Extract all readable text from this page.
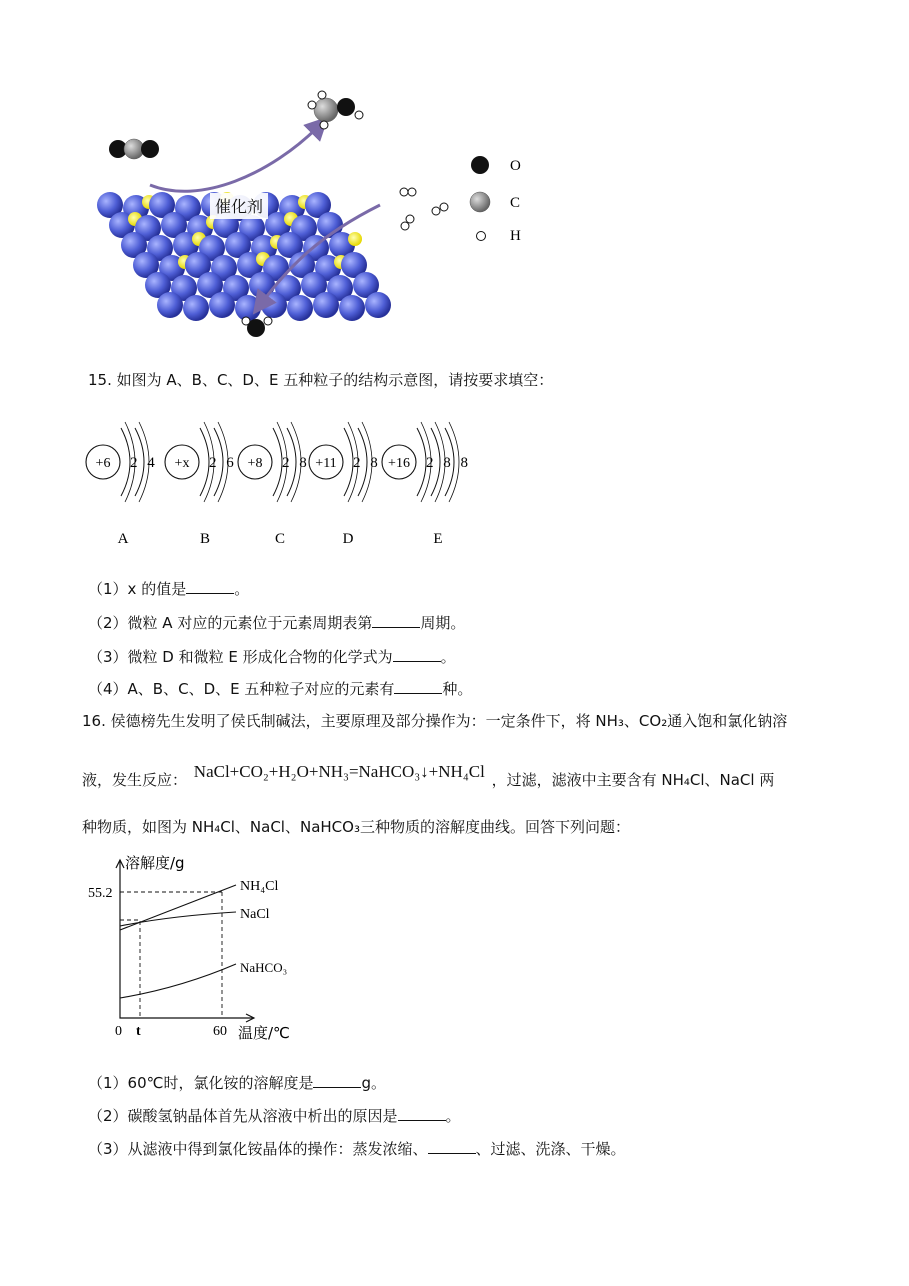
催化剂
O
C
H
15. 如图为 A、B、C、D、E 五种粒子的结构示意图，请按要求填空：
+6 2 4
A
+x 2 6
B
+8 2 8
C
+11 2 8
D
+16 2 8 8
E
（1）x 的值是	。
（2）微粒 A 对应的元素位于元素周期表第	周期。
（3）微粒 D 和微粒 E 形成化合物的化学式为	。
（4）A、B、C、D、E 五种粒子对应的元素有	种。
16. 侯德榜先生发明了侯氏制碱法，主要原理及部分操作为：一定条件下，将 NH₃、CO₂通入饱和氯化钠溶
液，发生反应： NaCl+CO₂+H₂O+NH₃=NaHCO₃↓+NH₄Cl ，过滤，滤液中主要含有 NH₄Cl、NaCl 两
种物质，如图为 NH₄Cl、NaCl、NaHCO₃三种物质的溶解度曲线。回答下列问题：
溶解度/g
55.2
0 t	60 温度/℃
NH₄Cl
NaCl
NaHCO₃
（1）60℃时，氯化铵的溶解度是	g。
（2）碳酸氢钠晶体首先从溶液中析出的原因是	。
（3）从滤液中得到氯化铵晶体的操作：蒸发浓缩、	、过滤、洗涤、干燥。
